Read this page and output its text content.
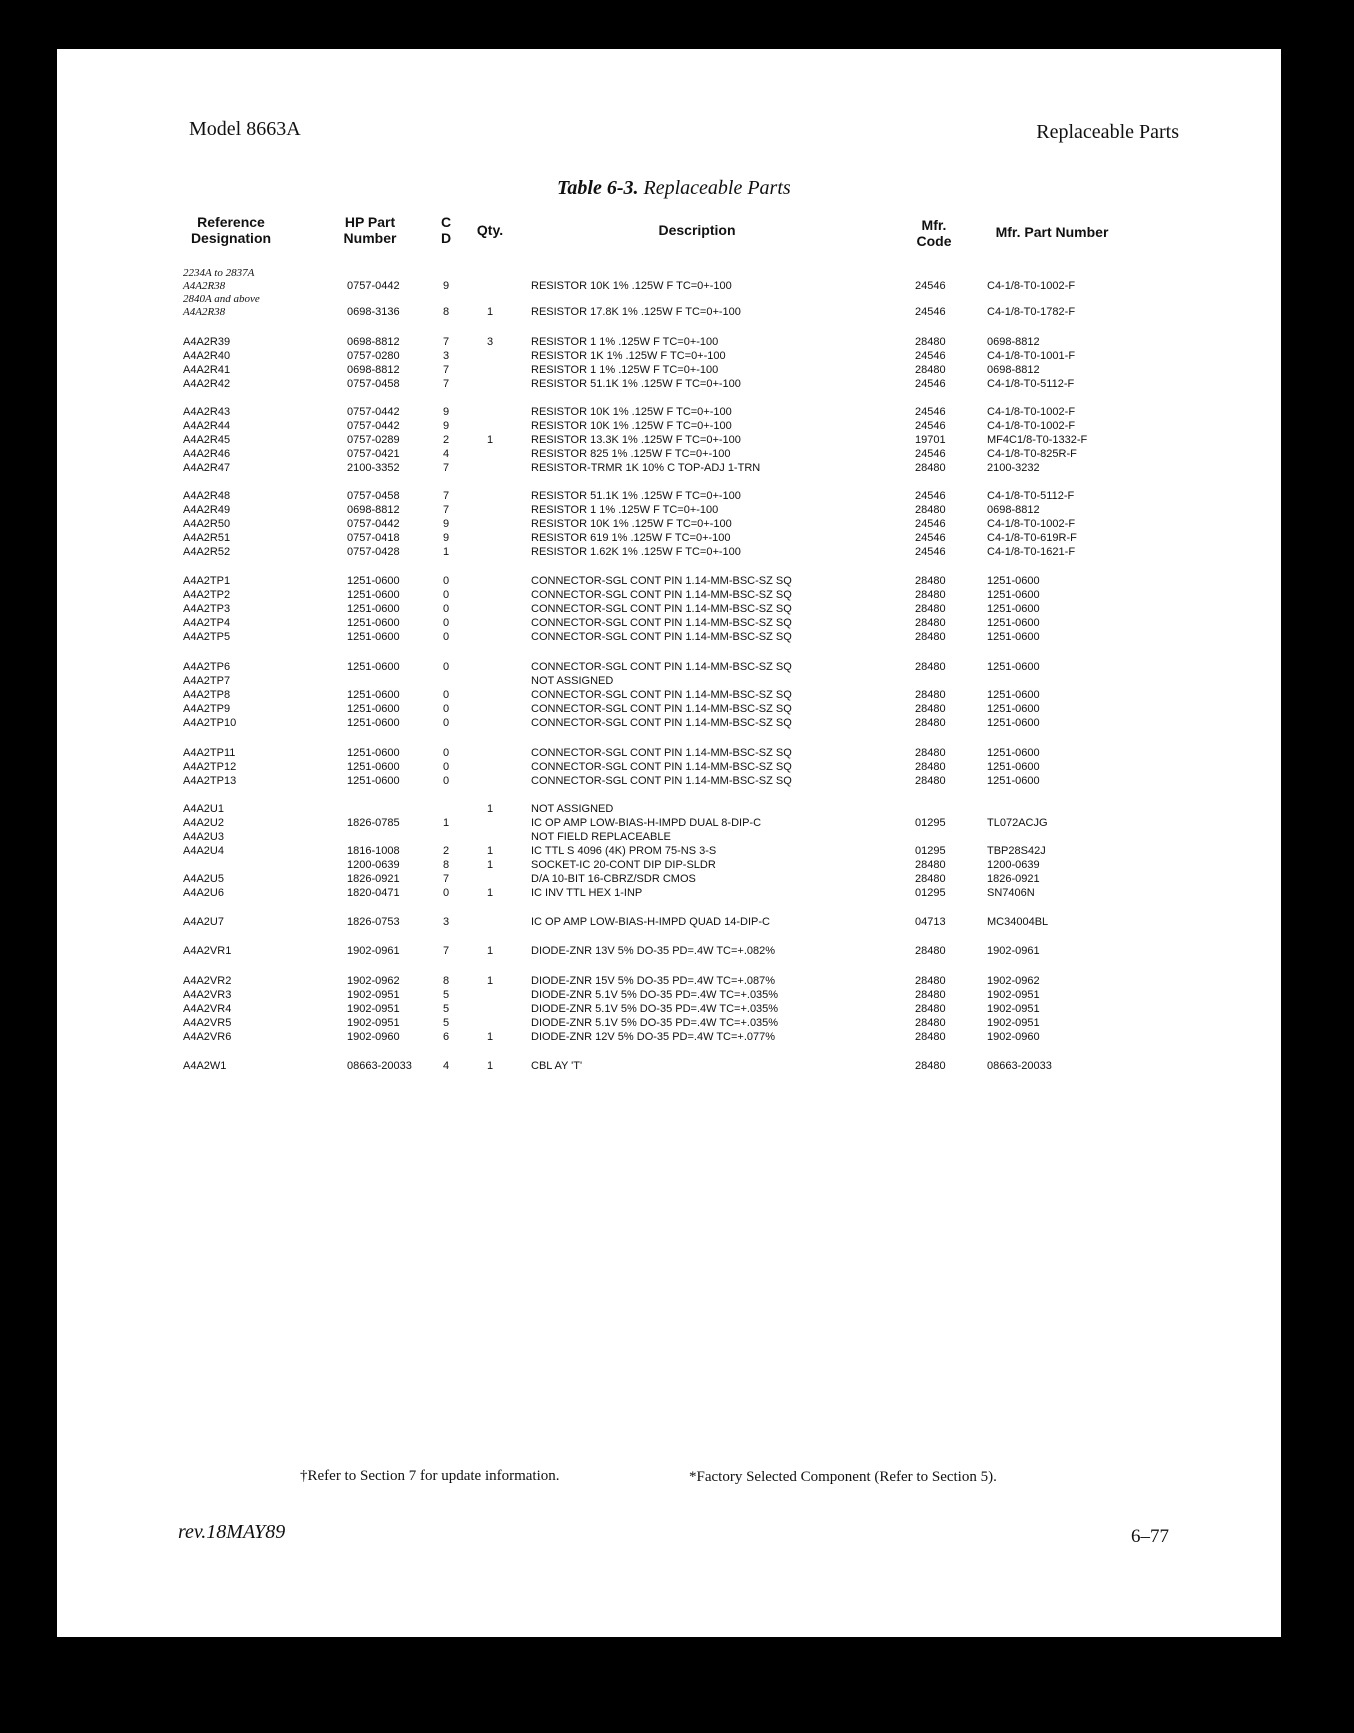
Model 8663A	Replaceable Parts
Table 6-3. Replaceable Parts
Reference
Designation
HP Part
Number
C
D	Qty.	Description	Mfr.
Code
Mfr. Part Number
2234A to 2837A
A4A2R38	0757-0442	9	RESISTOR 10K 1% .125W F TC=0+-100	24546	C4-1/8-T0-1002-F
2840A and above
A4A2R38	0698-3136	8	1	RESISTOR 17.8K 1% .125W F TC=0+-100	24546	C4-1/8-T0-1782-F
A4A2R39	0698-8812	7	3	RESISTOR 1 1% .125W F TC=0+-100	28480	0698-8812
A4A2R40	0757-0280	3	RESISTOR 1K 1% .125W F TC=0+-100	24546	C4-1/8-T0-1001-F
A4A2R41	0698-8812	7	RESISTOR 1 1% .125W F TC=0+-100	28480	0698-8812
A4A2R42	0757-0458	7	RESISTOR 51.1K 1% .125W F TC=0+-100	24546	C4-1/8-T0-5112-F
A4A2R43	0757-0442	9	RESISTOR 10K 1% .125W F TC=0+-100	24546	C4-1/8-T0-1002-F
A4A2R44	0757-0442	9	RESISTOR 10K 1% .125W F TC=0+-100	24546	C4-1/8-T0-1002-F
A4A2R45	0757-0289	2	1	RESISTOR 13.3K 1% .125W F TC=0+-100	19701	MF4C1/8-T0-1332-F
A4A2R46	0757-0421	4	RESISTOR 825 1% .125W F TC=0+-100	24546	C4-1/8-T0-825R-F
A4A2R47	2100-3352	7	RESISTOR-TRMR 1K 10% C TOP-ADJ 1-TRN	28480	2100-3232
A4A2R48	0757-0458	7	RESISTOR 51.1K 1% .125W F TC=0+-100	24546	C4-1/8-T0-5112-F
A4A2R49	0698-8812	7	RESISTOR 1 1% .125W F TC=0+-100	28480	0698-8812
A4A2R50	0757-0442	9	RESISTOR 10K 1% .125W F TC=0+-100	24546	C4-1/8-T0-1002-F
A4A2R51	0757-0418	9	RESISTOR 619 1% .125W F TC=0+-100	24546	C4-1/8-T0-619R-F
A4A2R52	0757-0428	1	RESISTOR 1.62K 1% .125W F TC=0+-100	24546	C4-1/8-T0-1621-F
A4A2TP1	1251-0600	0	CONNECTOR-SGL CONT PIN 1.14-MM-BSC-SZ SQ	28480	1251-0600
A4A2TP2	1251-0600	0	CONNECTOR-SGL CONT PIN 1.14-MM-BSC-SZ SQ	28480	1251-0600
A4A2TP3	1251-0600	0	CONNECTOR-SGL CONT PIN 1.14-MM-BSC-SZ SQ	28480	1251-0600
A4A2TP4	1251-0600	0	CONNECTOR-SGL CONT PIN 1.14-MM-BSC-SZ SQ	28480	1251-0600
A4A2TP5	1251-0600	0	CONNECTOR-SGL CONT PIN 1.14-MM-BSC-SZ SQ	28480	1251-0600
A4A2TP6	1251-0600	0	CONNECTOR-SGL CONT PIN 1.14-MM-BSC-SZ SQ	28480	1251-0600
A4A2TP7	NOT ASSIGNED
A4A2TP8	1251-0600	0	CONNECTOR-SGL CONT PIN 1.14-MM-BSC-SZ SQ	28480	1251-0600
A4A2TP9	1251-0600	0	CONNECTOR-SGL CONT PIN 1.14-MM-BSC-SZ SQ	28480	1251-0600
A4A2TP10	1251-0600	0	CONNECTOR-SGL CONT PIN 1.14-MM-BSC-SZ SQ	28480	1251-0600
A4A2TP11	1251-0600	0	CONNECTOR-SGL CONT PIN 1.14-MM-BSC-SZ SQ	28480	1251-0600
A4A2TP12	1251-0600	0	CONNECTOR-SGL CONT PIN 1.14-MM-BSC-SZ SQ	28480	1251-0600
A4A2TP13	1251-0600	0	CONNECTOR-SGL CONT PIN 1.14-MM-BSC-SZ SQ	28480	1251-0600
A4A2U1	1	NOT ASSIGNED
A4A2U2	1826-0785	1	IC OP AMP LOW-BIAS-H-IMPD DUAL 8-DIP-C	01295	TL072ACJG
A4A2U3	NOT FIELD REPLACEABLE
A4A2U4	1816-1008	2	1	IC TTL S 4096 (4K) PROM 75-NS 3-S	01295	TBP28S42J
1200-0639	8	1	SOCKET-IC 20-CONT DIP DIP-SLDR	28480	1200-0639
A4A2U5	1826-0921	7	D/A 10-BIT 16-CBRZ/SDR CMOS	28480	1826-0921
A4A2U6	1820-0471	0	1	IC INV TTL HEX 1-INP	01295	SN7406N
A4A2U7	1826-0753	3	IC OP AMP LOW-BIAS-H-IMPD QUAD 14-DIP-C	04713	MC34004BL
A4A2VR1	1902-0961	7	1	DIODE-ZNR 13V 5% DO-35 PD=.4W TC=+.082%	28480	1902-0961
A4A2VR2	1902-0962	8	1	DIODE-ZNR 15V 5% DO-35 PD=.4W TC=+.087%	28480	1902-0962
A4A2VR3	1902-0951	5	DIODE-ZNR 5.1V 5% DO-35 PD=.4W TC=+.035%	28480	1902-0951
A4A2VR4	1902-0951	5	DIODE-ZNR 5.1V 5% DO-35 PD=.4W TC=+.035%	28480	1902-0951
A4A2VR5	1902-0951	5	DIODE-ZNR 5.1V 5% DO-35 PD=.4W TC=+.035%	28480	1902-0951
A4A2VR6	1902-0960	6	1	DIODE-ZNR 12V 5% DO-35 PD=.4W TC=+.077%	28480	1902-0960
A4A2W1	08663-20033	4	1	CBL AY 'T'	28480	08663-20033
†Refer to Section 7 for update information.	*Factory Selected Component (Refer to Section 5).
rev.18MAY89	6–77
